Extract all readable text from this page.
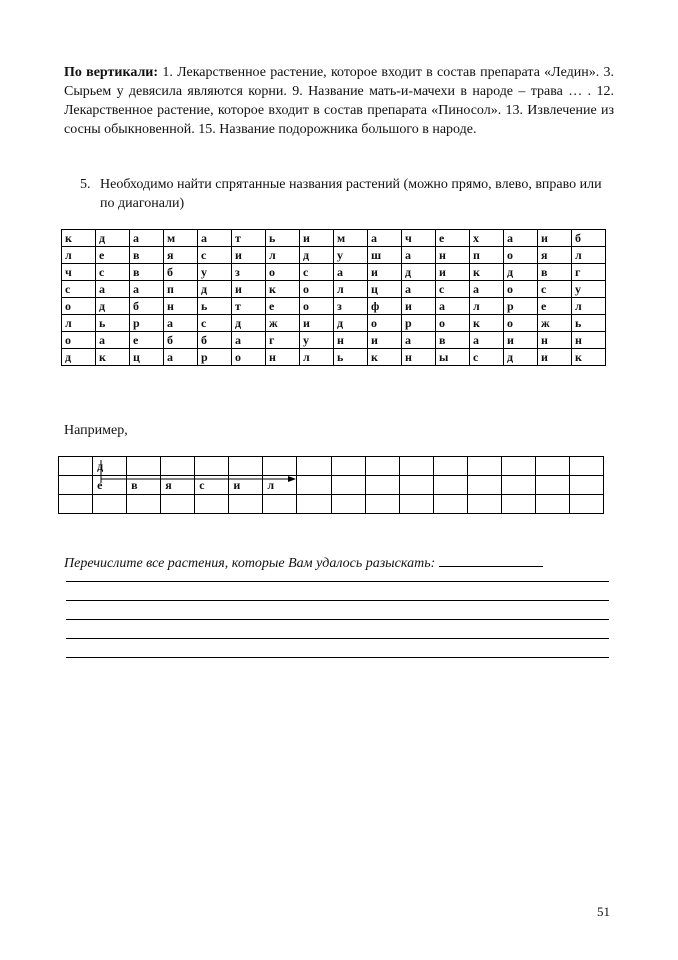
По вертикали: 1. Лекарственное растение, которое входит в состав препарата «Ледин». 3. Сырьем у девясила являются корни. 9. Название мать-и-мачехи в народе – трава … . 12. Лекарственное растение, которое входит в состав препарата «Пиносол». 13. Извлечение из сосны обыкновенной. 15. Название подорожника большого в народе.
5. Необходимо найти спрятанные названия растений (можно прямо, влево, вправо или по диагонали)
к	д	а	м	а	т	ь	и	м	а	ч	е	х	а	и	б
л	е	в	я	с	и	л	д	у	ш	а	н	п	о	я	л
ч	с	в	б	у	з	о	с	а	и	д	и	к	д	в	г
с	а	а	п	д	и	к	о	л	ц	а	с	а	о	с	у
о	д	б	н	ь	т	е	о	з	ф	и	а	л	р	е	л
л	ь	р	а	с	д	ж	и	д	о	р	о	к	о	ж	ь
о	а	е	б	б	а	г	у	н	и	а	в	а	и	н	н
д	к	ц	а	р	о	н	л	ь	к	н	ы	с	д	и	к
Например,
	д														
	е	в	я	с	и	л									

Перечислите все растения, которые Вам удалось разыскать:
51
